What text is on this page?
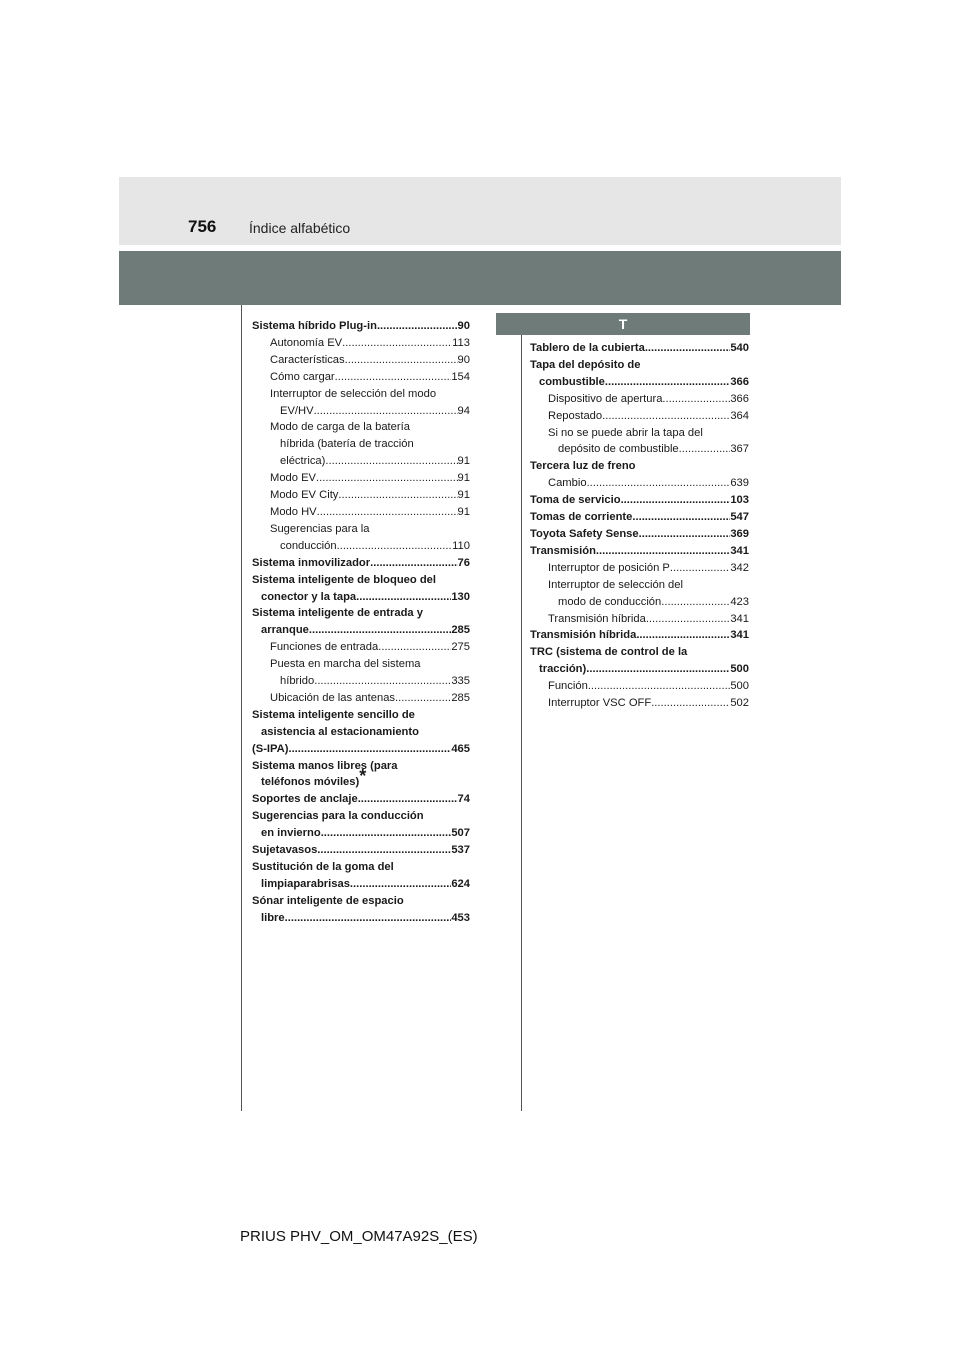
756 Índice alfabético
T
Sistema híbrido Plug-in .....	90
Autonomía EV .....	113
Características .....	90
Cómo cargar .....	154
Interruptor de selección del modo
EV/HV .....	94
Modo de carga de la batería
híbrida (batería de tracción
eléctrica) .....	91
Modo EV .....	91
Modo EV City .....	91
Modo HV .....	91
Sugerencias para la
conducción .....	110
Sistema inmovilizador .....	76
Sistema inteligente de bloqueo del
conector y la tapa .....	130
Sistema inteligente de entrada y
arranque .....	285
Funciones de entrada .....	275
Puesta en marcha del sistema
híbrido .....	335
Ubicación de las antenas .....	285
Sistema inteligente sencillo de
asistencia al estacionamiento
(S-IPA) .....	465
Sistema manos libres (para
teléfonos móviles)*
Soportes de anclaje .....	74
Sugerencias para la conducción
en invierno .....	507
Sujetavasos .....	537
Sustitución de la goma del
limpiaparabrisas .....	624
Sónar inteligente de espacio
libre .....	453
Tablero de la cubierta .....	540
Tapa del depósito de
combustible .....	366
Dispositivo de apertura .....	366
Repostado .....	364
Si no se puede abrir la tapa del
depósito de combustible .....	367
Tercera luz de freno
Cambio .....	639
Toma de servicio .....	103
Tomas de corriente .....	547
Toyota Safety Sense .....	369
Transmisión .....	341
Interruptor de posición P .....	342
Interruptor de selección del
modo de conducción .....	423
Transmisión híbrida .....	341
Transmisión híbrida .....	341
TRC (sistema de control de la
tracción) .....	500
Función .....	500
Interruptor VSC OFF .....	502
PRIUS PHV_OM_OM47A92S_(ES)
